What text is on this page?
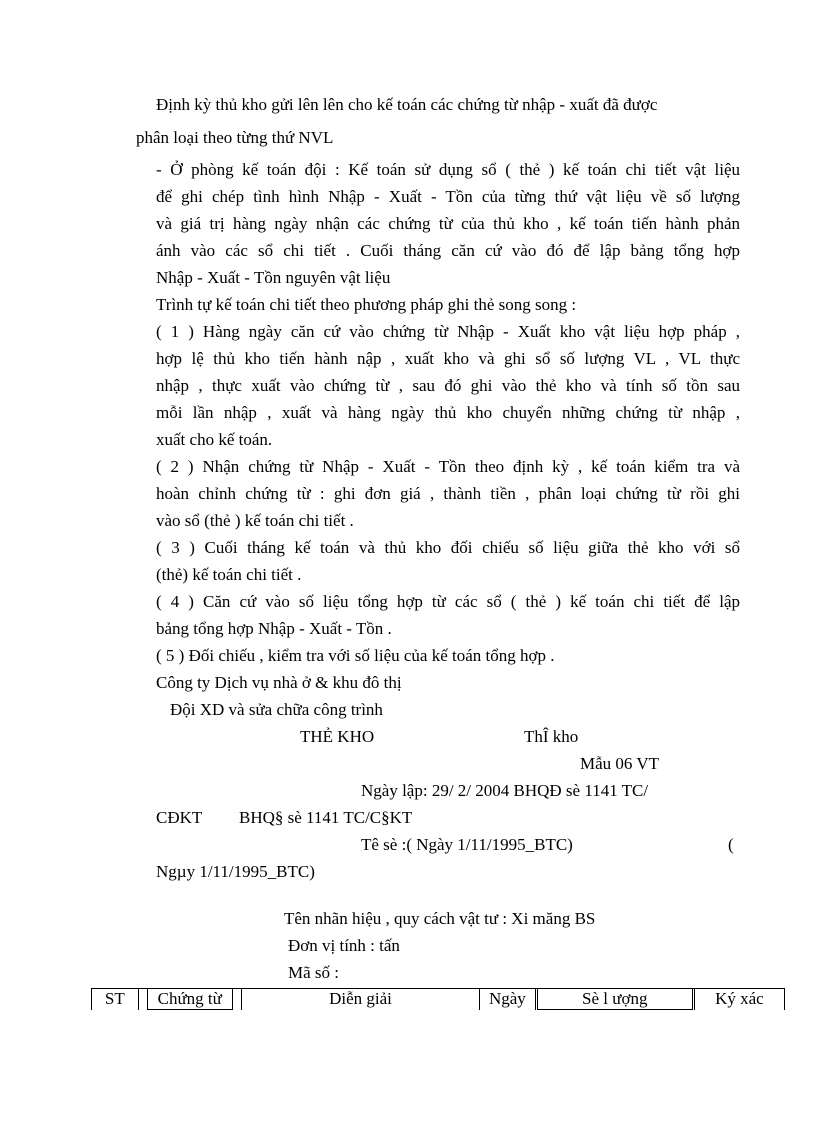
Định kỳ thủ kho gửi lên lên cho kế toán các chứng từ nhập - xuất đã được
phân loại theo từng thứ NVL
- Ở phòng kế toán đội : Kế toán sử dụng sổ ( thẻ ) kế toán chi tiết vật liệu
để ghi chép tình hình Nhập - Xuất - Tồn của từng thứ vật liệu về số lượng
và giá trị hàng ngày nhận các chứng từ của thủ kho , kế toán tiến hành phản
ánh vào các sổ chi tiết . Cuối tháng căn cứ vào đó để lập bảng tổng hợp
Nhập - Xuất - Tồn nguyên vật liệu
Trình tự kế toán chi tiết theo phương pháp ghi thẻ song song :
( 1 ) Hàng ngày căn cứ vào chứng từ Nhập - Xuất kho vật liệu hợp pháp ,
hợp lệ thủ kho tiến hành nập , xuất kho và ghi sổ số lượng VL , VL thực
nhập , thực xuất vào chứng từ , sau đó ghi vào thẻ kho và tính số tồn sau
mỗi lần nhập , xuất và hàng ngày thủ kho chuyển những chứng từ nhập ,
xuất cho kế toán.
( 2 ) Nhận chứng từ Nhập - Xuất - Tồn theo định kỳ , kế toán kiểm tra và
hoàn chỉnh chứng từ : ghi đơn giá , thành tiền , phân loại chứng từ rồi ghi
vào sổ (thẻ ) kế toán chi tiết .
( 3 ) Cuối tháng kế toán và thủ kho đối chiếu số liệu giữa thẻ kho với sổ
(thẻ) kế toán chi tiết .
( 4 ) Căn cứ vào số liệu tổng hợp từ các sổ ( thẻ ) kế toán chi tiết để lập
bảng tổng hợp Nhập - Xuất - Tồn .
( 5 ) Đối chiếu , kiểm tra với số liệu của kế toán tổng hợp .
Công ty Dịch vụ nhà ở & khu đô thị
Đội XD và sửa chữa công trình
THẺ KHO	ThÎ kho
Mẫu 06 VT
Ngày lập: 29/ 2/ 2004 BHQĐ sè 1141 TC/
CĐKT BHQ§ sè 1141 TC/C§KT
Tê sè :( Ngày 1/11/1995_BTC)	(
Ngµy 1/11/1995_BTC)
Tên nhãn hiệu , quy cách vật tư : Xi măng BS
Đơn vị tính : tấn
Mã số :
ST	Chứng từ	Diễn giải	Ngày	Sè l ượng	Ký xác
